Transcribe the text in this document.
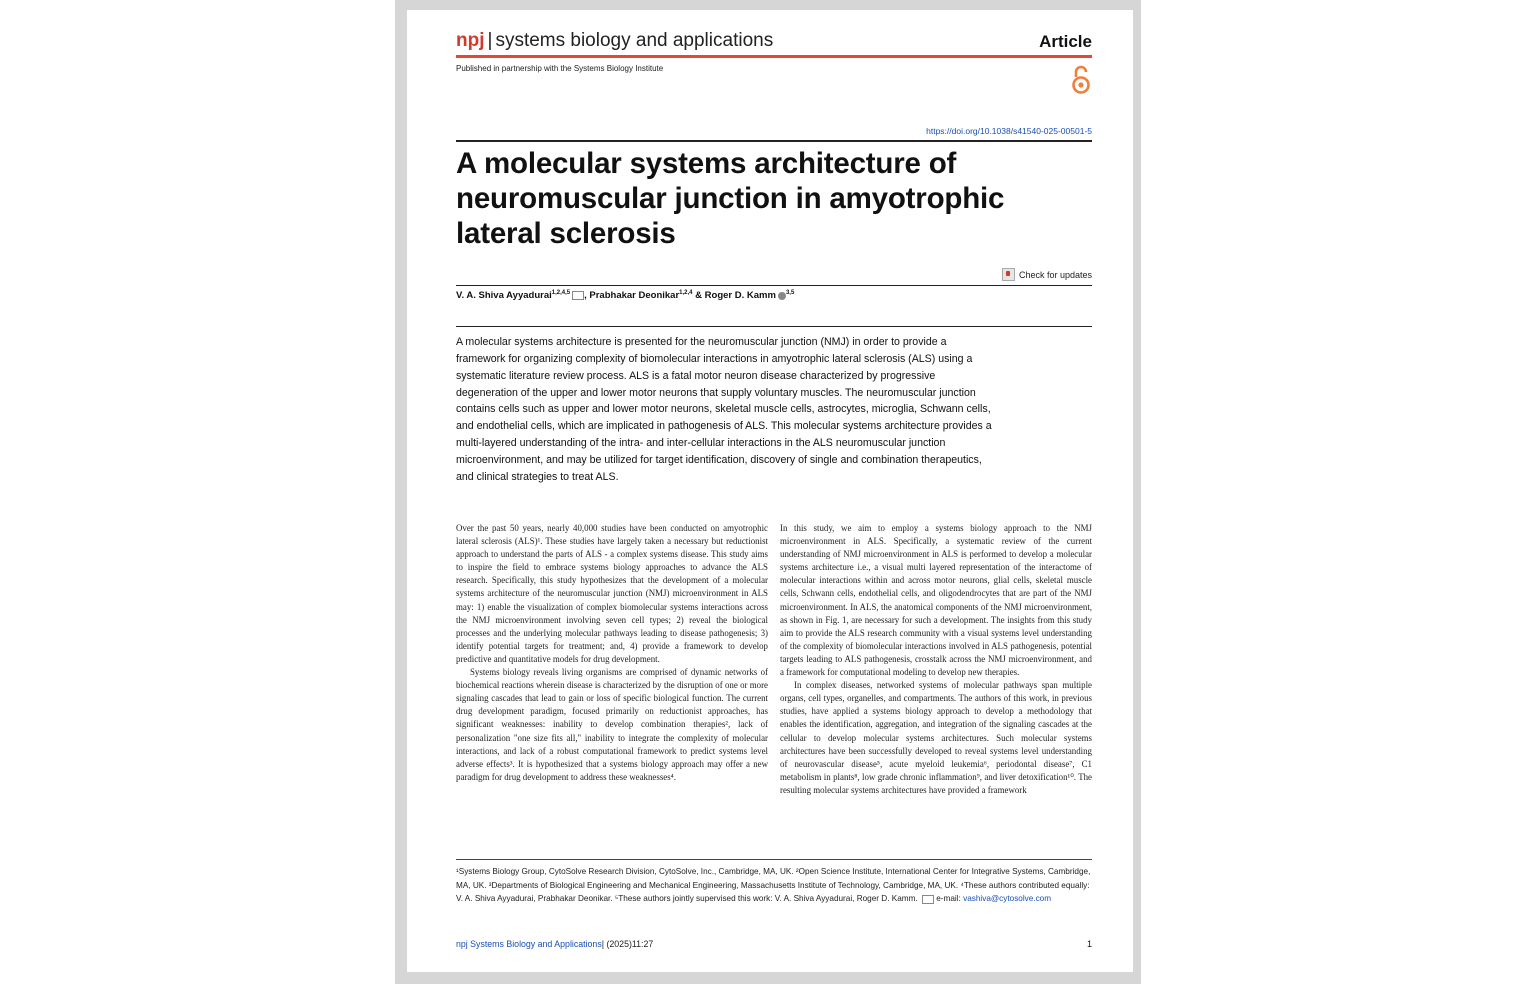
npj | systems biology and applications	Article
Published in partnership with the Systems Biology Institute
https://doi.org/10.1038/s41540-025-00501-5
A molecular systems architecture of neuromuscular junction in amyotrophic lateral sclerosis
Check for updates
V. A. Shiva Ayyadurai$^{1,2,4,5}$ , Prabhakar Deonikar$^{1,2,4}$ & Roger D. Kamm $^{3,5}$
A molecular systems architecture is presented for the neuromuscular junction (NMJ) in order to provide a framework for organizing complexity of biomolecular interactions in amyotrophic lateral sclerosis (ALS) using a systematic literature review process. ALS is a fatal motor neuron disease characterized by progressive degeneration of the upper and lower motor neurons that supply voluntary muscles. The neuromuscular junction contains cells such as upper and lower motor neurons, skeletal muscle cells, astrocytes, microglia, Schwann cells, and endothelial cells, which are implicated in pathogenesis of ALS. This molecular systems architecture provides a multi-layered understanding of the intra- and inter-cellular interactions in the ALS neuromuscular junction microenvironment, and may be utilized for target identification, discovery of single and combination therapeutics, and clinical strategies to treat ALS.

Over the past 50 years, nearly 40,000 studies have been conducted on amyotrophic lateral sclerosis (ALS)¹. These studies have largely taken a necessary but reductionist approach to understand the parts of ALS - a complex systems disease. This study aims to inspire the field to embrace systems biology approaches to advance the ALS research. Specifically, this study hypothesizes that the development of a molecular systems architecture of the neuromuscular junction (NMJ) microenvironment in ALS may: 1) enable the visualization of complex biomolecular systems interactions across the NMJ microenvironment involving seven cell types; 2) reveal the biological processes and the underlying molecular pathways leading to disease pathogenesis; 3) identify potential targets for treatment; and, 4) provide a framework to develop predictive and quantitative models for drug development.

Systems biology reveals living organisms are comprised of dynamic networks of biochemical reactions wherein disease is characterized by the disruption of one or more signaling cascades that lead to gain or loss of specific biological function. The current drug development paradigm, focused primarily on reductionist approaches, has significant weaknesses: inability to develop combination therapies², lack of personalization "one size fits all," inability to integrate the complexity of molecular interactions, and lack of a robust computational framework to predict systems level adverse effects³. It is hypothesized that a systems biology approach may offer a new paradigm for drug development to address these weaknesses⁴.

In this study, we aim to employ a systems biology approach to the NMJ microenvironment in ALS. Specifically, a systematic review of the current understanding of NMJ microenvironment in ALS is performed to develop a molecular systems architecture i.e., a visual multi layered representation of the interactome of molecular interactions within and across motor neurons, glial cells, skeletal muscle cells, Schwann cells, endothelial cells, and oligodendrocytes that are part of the NMJ microenvironment. In ALS, the anatomical components of the NMJ microenvironment, as shown in Fig. 1, are necessary for such a development. The insights from this study aim to provide the ALS research community with a visual systems level understanding of the complexity of biomolecular interactions involved in ALS pathogenesis, potential targets leading to ALS pathogenesis, crosstalk across the NMJ microenvironment, and a framework for computational modeling to develop new therapies.

In complex diseases, networked systems of molecular pathways span multiple organs, cell types, organelles, and compartments. The authors of this work, in previous studies, have applied a systems biology approach to develop a methodology that enables the identification, aggregation, and integration of the signaling cascades at the cellular to develop molecular systems architectures. Such molecular systems architectures have been successfully developed to reveal systems level understanding of neurovascular disease⁵, acute myeloid leukemia⁶, periodontal disease⁷, C1 metabolism in plants⁸, low grade chronic inflammation⁹, and liver detoxification¹⁰. The resulting molecular systems architectures have provided a framework

¹Systems Biology Group, CytoSolve Research Division, CytoSolve, Inc., Cambridge, MA, UK. ²Open Science Institute, International Center for Integrative Systems, Cambridge, MA, UK. ³Departments of Biological Engineering and Mechanical Engineering, Massachusetts Institute of Technology, Cambridge, MA, UK. ⁴These authors contributed equally: V. A. Shiva Ayyadurai, Prabhakar Deonikar. ⁵These authors jointly supervised this work: V. A. Shiva Ayyadurai, Roger D. Kamm. e-mail: vashiva@cytosolve.com
npj Systems Biology and Applications| (2025)11:27	1
